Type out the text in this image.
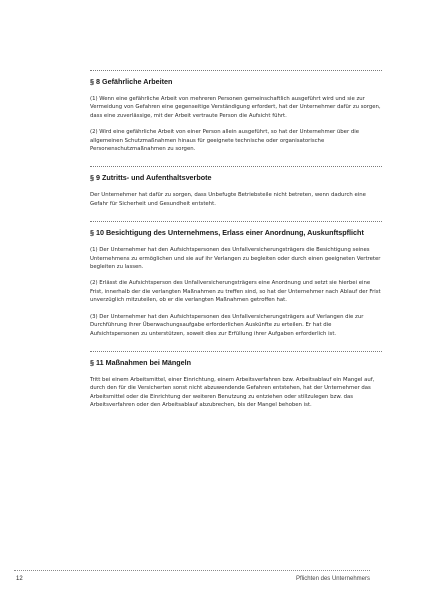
§ 8 Gefährliche Arbeiten

(1) Wenn eine gefährliche Arbeit von mehreren Personen gemeinschaftlich ausgeführt wird und sie zur Vermeidung von Gefahren eine gegenseitige Verständigung erfordert, hat der Unternehmer dafür zu sorgen, dass eine zuverlässige, mit der Arbeit vertraute Person die Aufsicht führt.

(2) Wird eine gefährliche Arbeit von einer Person allein ausgeführt, so hat der Unternehmer über die allgemeinen Schutzmaßnahmen hinaus für geeignete technische oder organisatorische Personenschutzmaßnahmen zu sorgen.

§ 9 Zutritts- und Aufenthaltsverbote

Der Unternehmer hat dafür zu sorgen, dass Unbefugte Betriebsteile nicht betreten, wenn dadurch eine Gefahr für Sicherheit und Gesundheit entsteht.

§ 10 Besichtigung des Unternehmens, Erlass einer Anordnung, Auskunftspflicht

(1) Der Unternehmer hat den Aufsichtspersonen des Unfallversicherungsträgers die Besichtigung seines Unternehmens zu ermöglichen und sie auf ihr Verlangen zu begleiten oder durch einen geeigneten Vertreter begleiten zu lassen.

(2) Erlässt die Aufsichtsperson des Unfallversicherungsträgers eine Anordnung und setzt sie hierbei eine Frist, innerhalb der die verlangten Maßnahmen zu treffen sind, so hat der Unternehmer nach Ablauf der Frist unverzüglich mitzuteilen, ob er die verlangten Maßnahmen getroffen hat.

(3) Der Unternehmer hat den Aufsichtspersonen des Unfallversicherungsträgers auf Verlangen die zur Durchführung ihrer Überwachungsaufgabe erforderlichen Auskünfte zu erteilen. Er hat die Aufsichtspersonen zu unterstützen, soweit dies zur Erfüllung ihrer Aufgaben erforderlich ist.

§ 11 Maßnahmen bei Mängeln

Tritt bei einem Arbeitsmittel, einer Einrichtung, einem Arbeitsverfahren bzw. Arbeitsablauf ein Mangel auf, durch den für die Versicherten sonst nicht abzuwendende Gefahren entstehen, hat der Unternehmer das Arbeitsmittel oder die Einrichtung der weiteren Benutzung zu entziehen oder stillzulegen bzw. das Arbeitsverfahren oder den Arbeitsablauf abzubrechen, bis der Mangel behoben ist.

12	Pflichten des Unternehmers
